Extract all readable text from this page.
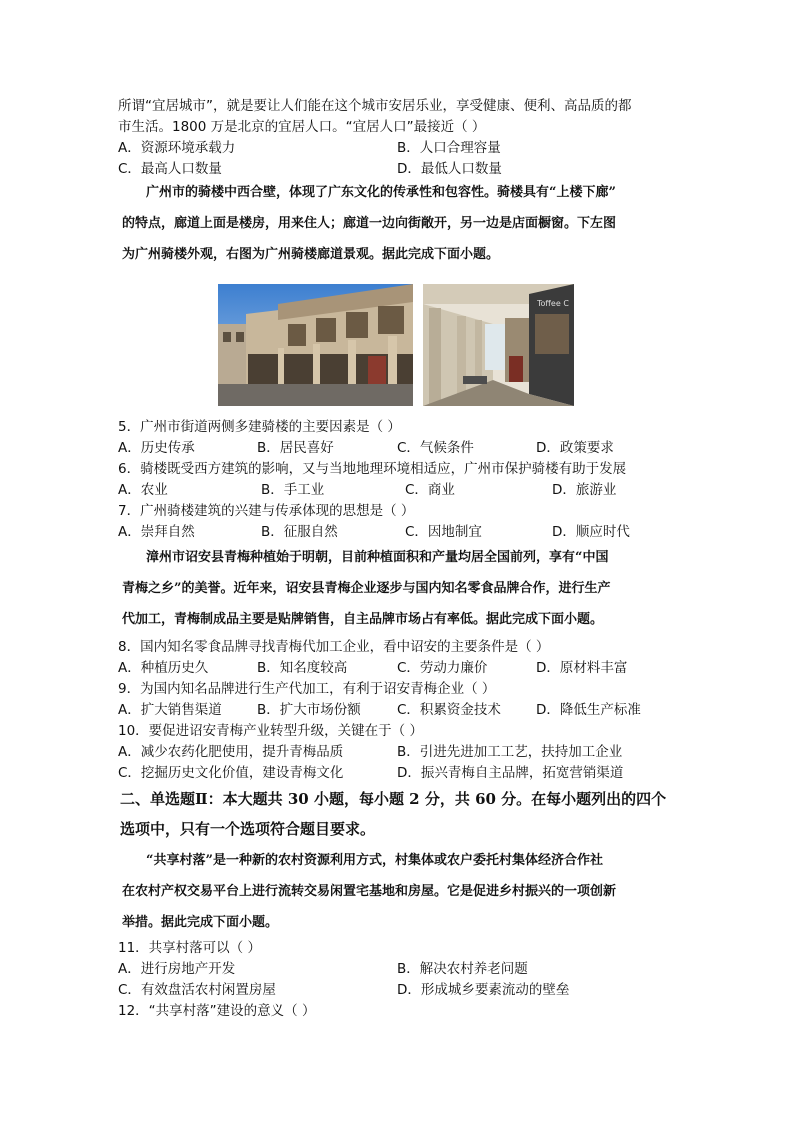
所谓“宜居城市”，就是要让人们能在这个城市安居乐业，享受健康、便利、高品质的都
市生活。1800 万是北京的宜居人口。“宜居人口”最接近（ ）
A．资源环境承载力	B．人口合理容量
C．最高人口数量	D．最低人口数量
广州市的骑楼中西合壁，体现了广东文化的传承性和包容性。骑楼具有“上楼下廊”
的特点，廊道上面是楼房，用来住人；廊道一边向街敞开，另一边是店面橱窗。下左图
为广州骑楼外观，右图为广州骑楼廊道景观。据此完成下面小题。
Toffee C
5．广州市街道两侧多建骑楼的主要因素是（ ）
A．历史传承	B．居民喜好	C．气候条件	D．政策要求
6．骑楼既受西方建筑的影响，又与当地地理环境相适应，广州市保护骑楼有助于发展
A．农业	B．手工业	C．商业	D．旅游业
7．广州骑楼建筑的兴建与传承体现的思想是（ ）
A．崇拜自然	B．征服自然	C．因地制宜	D．顺应时代
漳州市诏安县青梅种植始于明朝，目前种植面积和产量均居全国前列，享有“中国
青梅之乡”的美誉。近年来，诏安县青梅企业逐步与国内知名零食品牌合作，进行生产
代加工，青梅制成品主要是贴牌销售，自主品牌市场占有率低。据此完成下面小题。
8．国内知名零食品牌寻找青梅代加工企业，看中诏安的主要条件是（ ）
A．种植历史久	B．知名度较高	C．劳动力廉价	D．原材料丰富
9．为国内知名品牌进行生产代加工，有利于诏安青梅企业（ ）
A．扩大销售渠道	B．扩大市场份额	C．积累资金技术	D．降低生产标准
10．要促进诏安青梅产业转型升级，关键在于（ ）
A．减少农药化肥使用，提升青梅品质	B．引进先进加工工艺，扶持加工企业
C．挖掘历史文化价值，建设青梅文化	D．振兴青梅自主品牌，拓宽营销渠道
二、单选题Ⅱ：本大题共 30 小题，每小题 2 分，共 60 分。在每小题列出的四个
选项中，只有一个选项符合题目要求。
“共享村落”是一种新的农村资源利用方式，村集体或农户委托村集体经济合作社
在农村产权交易平台上进行流转交易闲置宅基地和房屋。它是促进乡村振兴的一项创新
举措。据此完成下面小题。
11．共享村落可以（ ）
A．进行房地产开发	B．解决农村养老问题
C．有效盘活农村闲置房屋	D．形成城乡要素流动的壁垒
12．“共享村落”建设的意义（ ）
